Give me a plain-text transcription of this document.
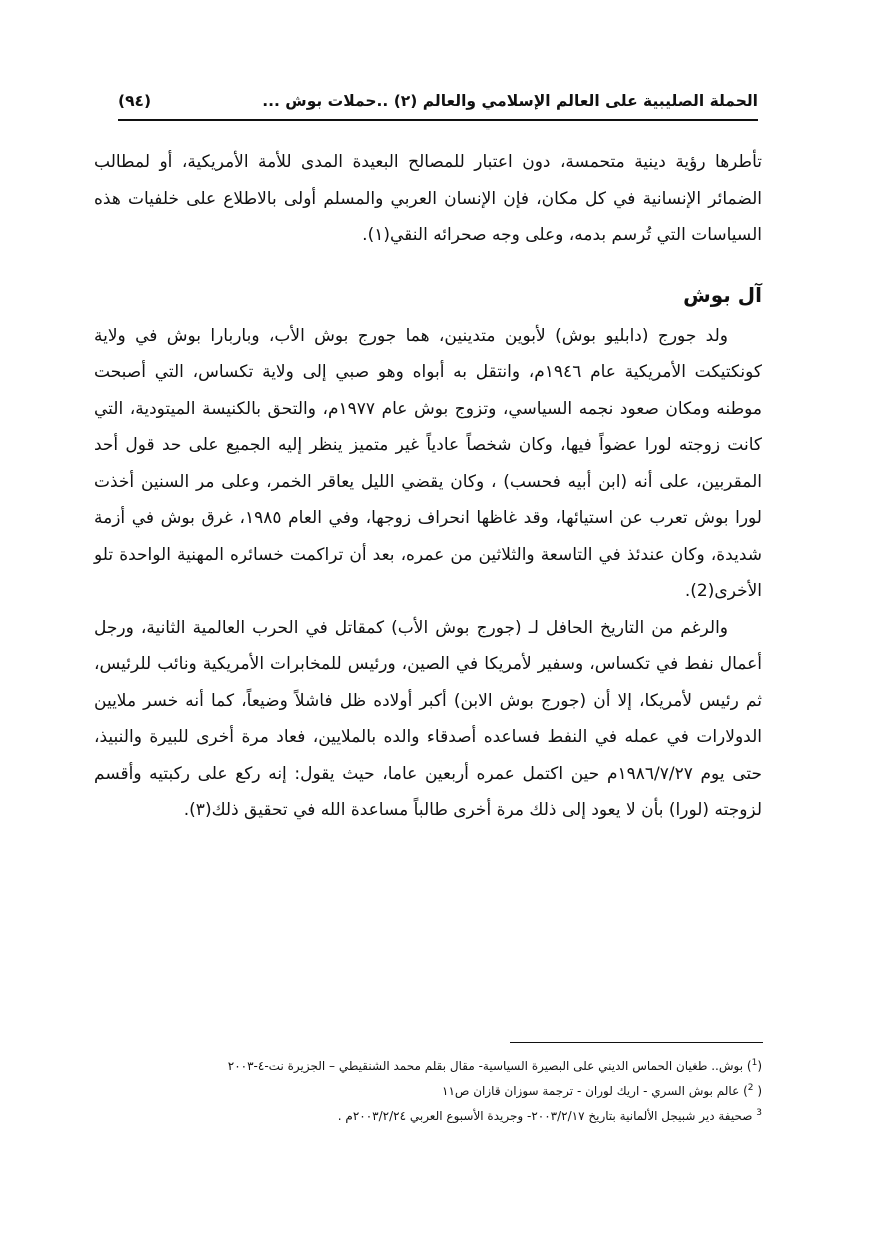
الحملة الصليبية على العالم الإسلامي والعالم (٢) ..حملات بوش ...
(٩٤)

تأطرها رؤية دينية متحمسة، دون اعتبار للمصالح البعيدة المدى للأمة الأمريكية، أو لمطالب الضمائر الإنسانية في كل مكان، فإن الإنسان العربي والمسلم أولى بالاطلاع على خلفيات هذه السياسات التي تُرسم بدمه، وعلى وجه صحرائه النقي(١).

آل بوش

ولد جورج (دابليو بوش) لأبوين متدينين، هما جورج بوش الأب، وباربارا بوش في ولاية كونكتيكت الأمريكية عام ١٩٤٦م، وانتقل به أبواه وهو صبي إلى ولاية تكساس، التي أصبحت موطنه ومكان صعود نجمه السياسي، وتزوج بوش عام ١٩٧٧م، والتحق بالكنيسة الميتودية، التي كانت زوجته لورا عضواً فيها، وكان شخصاً عادياً غير متميز ينظر إليه الجميع على حد قول أحد المقربين، على أنه (ابن أبيه فحسب) ، وكان يقضي الليل يعاقر الخمر، وعلى مر السنين أخذت لورا بوش تعرب عن استيائها، وقد غاظها انحراف زوجها، وفي العام ١٩٨٥، غرق بوش في أزمة شديدة، وكان عندئذ في التاسعة والثلاثين من عمره، بعد أن تراكمت خسائره المهنية الواحدة تلو الأخرى(2).

والرغم من التاريخ الحافل لـ (جورج بوش الأب) كمقاتل في الحرب العالمية الثانية، ورجل أعمال نفط في تكساس، وسفير لأمريكا في الصين، ورئيس للمخابرات الأمريكية ونائب للرئيس، ثم رئيس لأمريكا، إلا أن (جورج بوش الابن) أكبر أولاده ظل فاشلاً وضيعاً، كما أنه خسر ملايين الدولارات في عمله في النفط فساعده أصدقاء والده بالملايين، فعاد مرة أخرى للبيرة والنبيذ، حتى يوم ١٩٨٦/٧/٢٧م حين اكتمل عمره أربعين عاما، حيث يقول: إنه ركع على ركبتيه وأقسم لزوجته (لورا) بأن لا يعود إلى ذلك مرة أخرى طالباً مساعدة الله في تحقيق ذلك(٣).

($^1$) بوش.. طغيان الحماس الديني على البصيرة السياسية- مقال بقلم محمد الشنقيطي – الجزيرة نت-٤-٢٠٠٣

( $^2$) عالم بوش السري - اريك لوران - ترجمة سوزان قازان ص١١

$^3$ صحيفة دير شبيجل الألمانية بتاريخ ٢٠٠٣/٢/١٧- وجريدة الأسبوع العربي ٢٠٠٣/٢/٢٤م .
